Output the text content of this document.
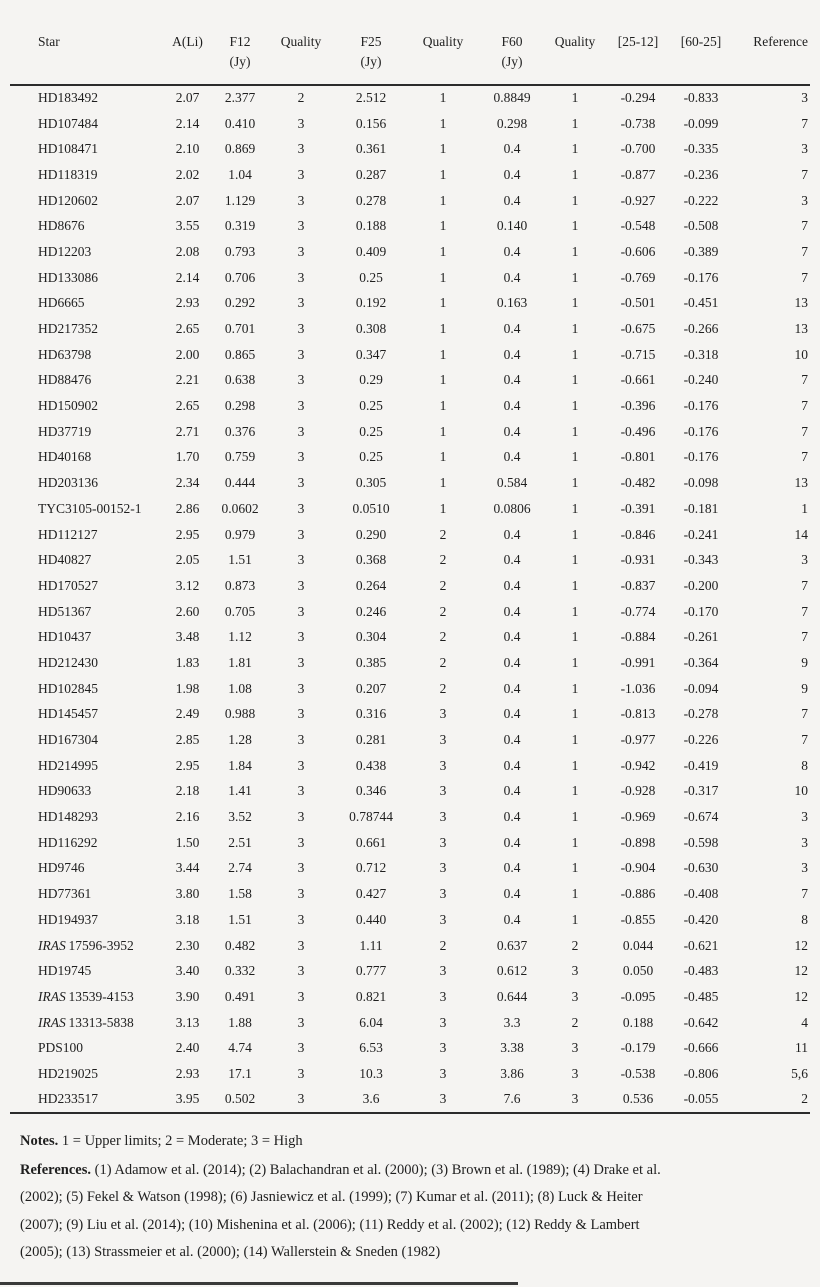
Star	A(Li)	F12	Quality	F25	Quality	F60	Quality	[25-12]	[60-25]	Reference
		(Jy)		(Jy)		(Jy)				
HD183492	2.07	2.377	2	2.512	1	0.8849	1	-0.294	-0.833	3
HD107484	2.14	0.410	3	0.156	1	0.298	1	-0.738	-0.099	7
HD108471	2.10	0.869	3	0.361	1	0.4	1	-0.700	-0.335	3
HD118319	2.02	1.04	3	0.287	1	0.4	1	-0.877	-0.236	7
HD120602	2.07	1.129	3	0.278	1	0.4	1	-0.927	-0.222	3
HD8676	3.55	0.319	3	0.188	1	0.140	1	-0.548	-0.508	7
HD12203	2.08	0.793	3	0.409	1	0.4	1	-0.606	-0.389	7
HD133086	2.14	0.706	3	0.25	1	0.4	1	-0.769	-0.176	7
HD6665	2.93	0.292	3	0.192	1	0.163	1	-0.501	-0.451	13
HD217352	2.65	0.701	3	0.308	1	0.4	1	-0.675	-0.266	13
HD63798	2.00	0.865	3	0.347	1	0.4	1	-0.715	-0.318	10
HD88476	2.21	0.638	3	0.29	1	0.4	1	-0.661	-0.240	7
HD150902	2.65	0.298	3	0.25	1	0.4	1	-0.396	-0.176	7
HD37719	2.71	0.376	3	0.25	1	0.4	1	-0.496	-0.176	7
HD40168	1.70	0.759	3	0.25	1	0.4	1	-0.801	-0.176	7
HD203136	2.34	0.444	3	0.305	1	0.584	1	-0.482	-0.098	13
TYC3105-00152-1	2.86	0.0602	3	0.0510	1	0.0806	1	-0.391	-0.181	1
HD112127	2.95	0.979	3	0.290	2	0.4	1	-0.846	-0.241	14
HD40827	2.05	1.51	3	0.368	2	0.4	1	-0.931	-0.343	3
HD170527	3.12	0.873	3	0.264	2	0.4	1	-0.837	-0.200	7
HD51367	2.60	0.705	3	0.246	2	0.4	1	-0.774	-0.170	7
HD10437	3.48	1.12	3	0.304	2	0.4	1	-0.884	-0.261	7
HD212430	1.83	1.81	3	0.385	2	0.4	1	-0.991	-0.364	9
HD102845	1.98	1.08	3	0.207	2	0.4	1	-1.036	-0.094	9
HD145457	2.49	0.988	3	0.316	3	0.4	1	-0.813	-0.278	7
HD167304	2.85	1.28	3	0.281	3	0.4	1	-0.977	-0.226	7
HD214995	2.95	1.84	3	0.438	3	0.4	1	-0.942	-0.419	8
HD90633	2.18	1.41	3	0.346	3	0.4	1	-0.928	-0.317	10
HD148293	2.16	3.52	3	0.78744	3	0.4	1	-0.969	-0.674	3
HD116292	1.50	2.51	3	0.661	3	0.4	1	-0.898	-0.598	3
HD9746	3.44	2.74	3	0.712	3	0.4	1	-0.904	-0.630	3
HD77361	3.80	1.58	3	0.427	3	0.4	1	-0.886	-0.408	7
HD194937	3.18	1.51	3	0.440	3	0.4	1	-0.855	-0.420	8
IRAS 17596-3952	2.30	0.482	3	1.11	2	0.637	2	0.044	-0.621	12
HD19745	3.40	0.332	3	0.777	3	0.612	3	0.050	-0.483	12
IRAS 13539-4153	3.90	0.491	3	0.821	3	0.644	3	-0.095	-0.485	12
IRAS 13313-5838	3.13	1.88	3	6.04	3	3.3	2	0.188	-0.642	4
PDS100	2.40	4.74	3	6.53	3	3.38	3	-0.179	-0.666	11
HD219025	2.93	17.1	3	10.3	3	3.86	3	-0.538	-0.806	5,6
HD233517	3.95	0.502	3	3.6	3	7.6	3	0.536	-0.055	2

Notes. 1 = Upper limits; 2 = Moderate; 3 = High

References. (1) Adamow et al. (2014); (2) Balachandran et al. (2000); (3) Brown et al. (1989); (4) Drake et al.

(2002); (5) Fekel & Watson (1998); (6) Jasniewicz et al. (1999); (7) Kumar et al. (2011); (8) Luck & Heiter

(2007); (9) Liu et al. (2014); (10) Mishenina et al. (2006); (11) Reddy et al. (2002); (12) Reddy & Lambert

(2005); (13) Strassmeier et al. (2000); (14) Wallerstein & Sneden (1982)
